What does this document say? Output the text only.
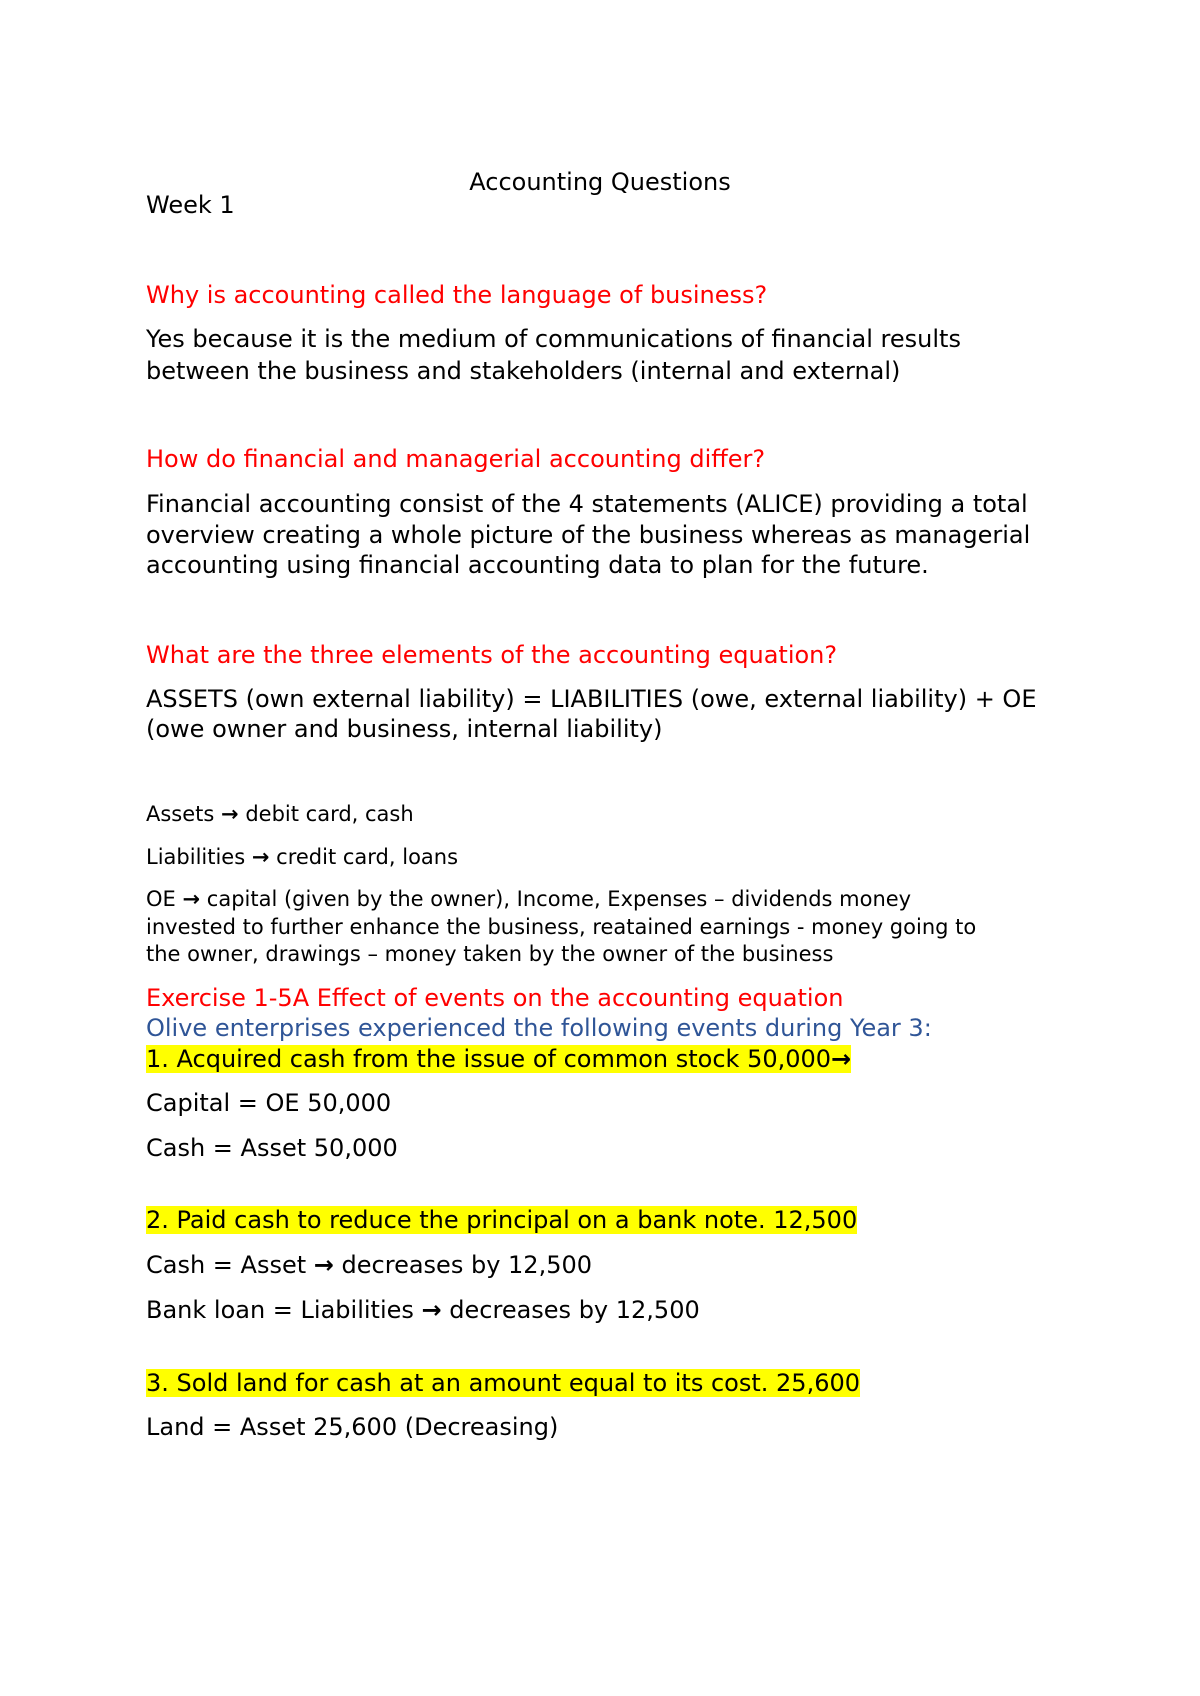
Accounting Questions

Week 1

Why is accounting called the language of business?

Yes because it is the medium of communications of financial results

between the business and stakeholders (internal and external)

How do financial and managerial accounting differ?

Financial accounting consist of the 4 statements (ALICE) providing a total

overview creating a whole picture of the business whereas as managerial

accounting using financial accounting data to plan for the future.

What are the three elements of the accounting equation?

ASSETS (own external liability) = LIABILITIES (owe, external liability) + OE

(owe owner and business, internal liability)

Assets → debit card, cash

Liabilities → credit card, loans

OE → capital (given by the owner), Income, Expenses – dividends money

invested to further enhance the business, reatained earnings - money going to

the owner, drawings – money taken by the owner of the business

Exercise 1-5A Effect of events on the accounting equation

Olive enterprises experienced the following events during Year 3:

1. Acquired cash from the issue of common stock 50,000→

Capital = OE 50,000

Cash = Asset 50,000

2. Paid cash to reduce the principal on a bank note. 12,500

Cash = Asset → decreases by 12,500

Bank loan = Liabilities → decreases by 12,500

3. Sold land for cash at an amount equal to its cost. 25,600

Land = Asset 25,600 (Decreasing)
